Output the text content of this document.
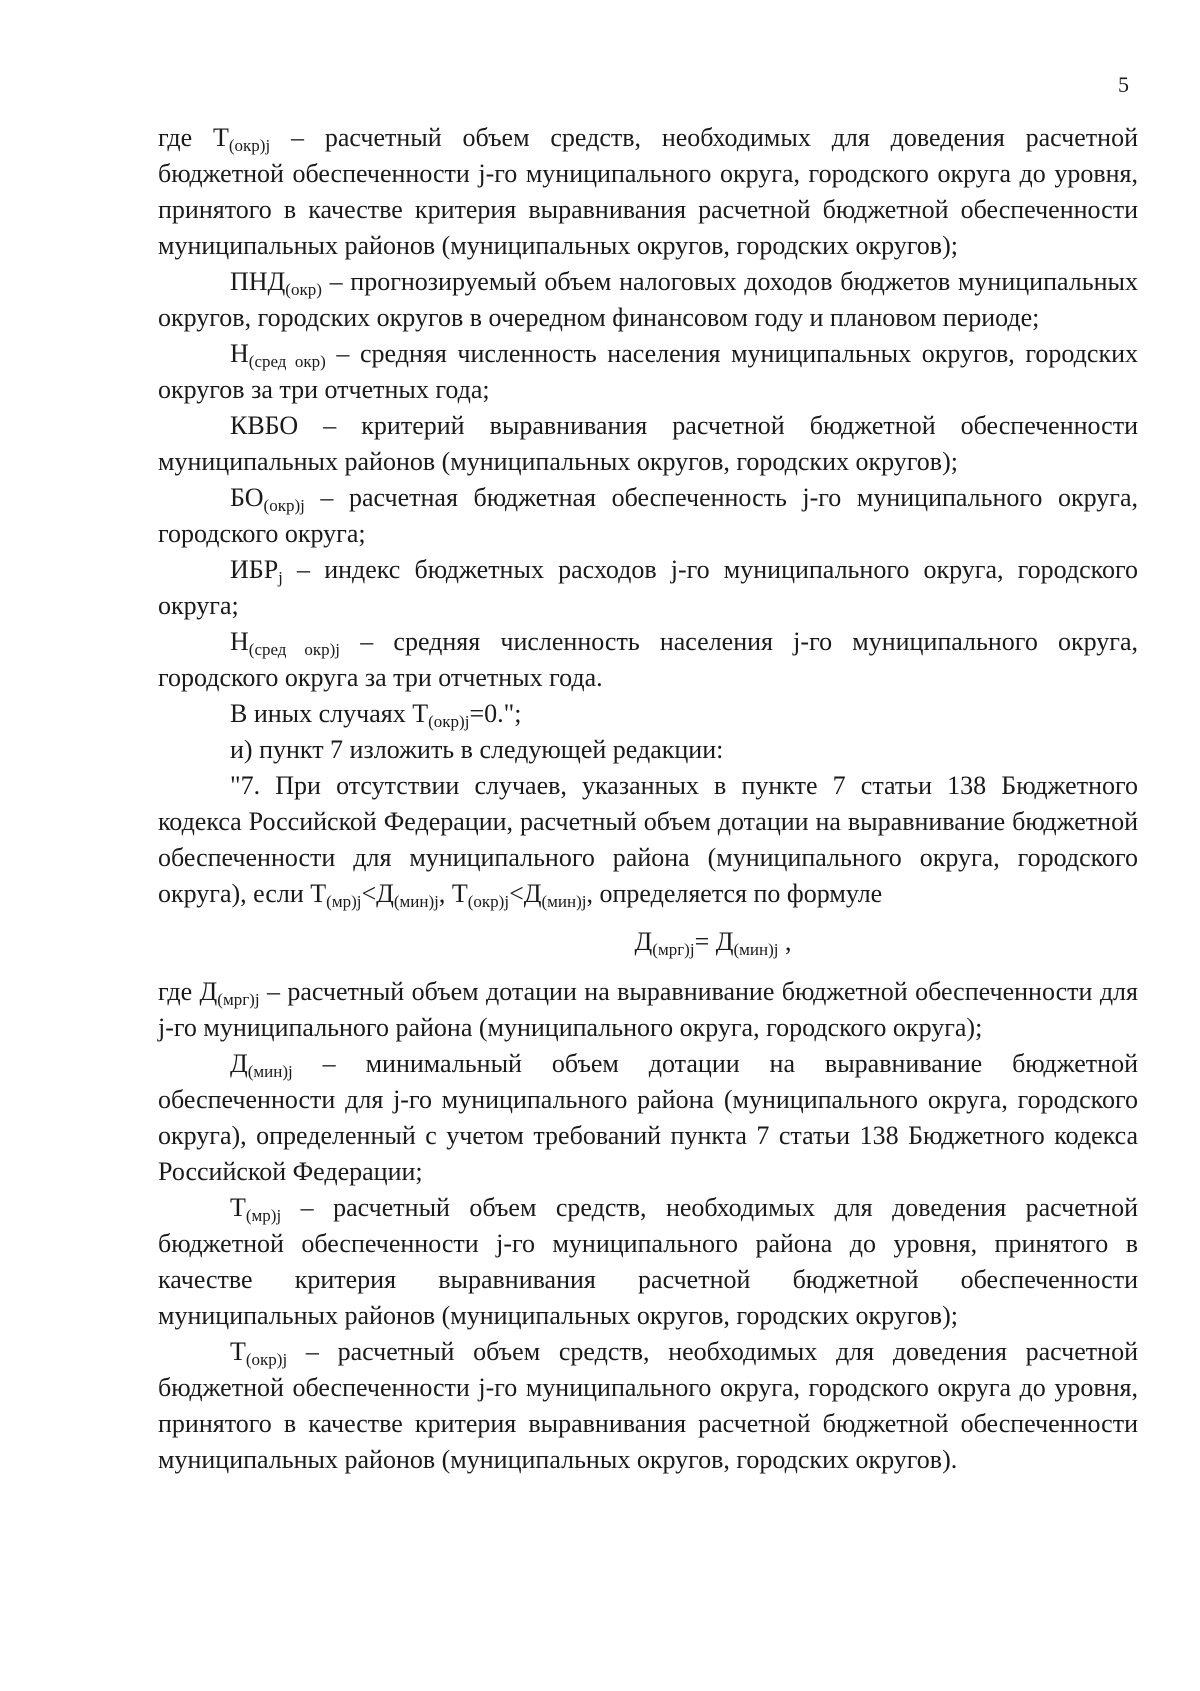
5

где $Т_{(окр)j}$ – расчетный объем средств, необходимых для доведения расчетной бюджетной обеспеченности j-го муниципального округа, городского округа до уровня, принятого в качестве критерия выравнивания расчетной бюджетной обеспеченности муниципальных районов (муниципальных округов, городских округов);

$ПНД_{(окр)}$ – прогнозируемый объем налоговых доходов бюджетов муниципальных округов, городских округов в очередном финансовом году и плановом периоде;

$Н_{(сред окр)}$ – средняя численность населения муниципальных округов, городских округов за три отчетных года;

КВБО – критерий выравнивания расчетной бюджетной обеспеченности муниципальных районов (муниципальных округов, городских округов);

$БО_{(окр)j}$ – расчетная бюджетная обеспеченность j-го муниципального округа, городского округа;

$ИБР_j$ – индекс бюджетных расходов j-го муниципального округа, городского округа;

$Н_{(сред окр)j}$ – средняя численность населения j-го муниципального округа, городского округа за три отчетных года.

В иных случаях $Т_{(окр)j}=0$.";

и) пункт 7 изложить в следующей редакции:

"7. При отсутствии случаев, указанных в пункте 7 статьи 138 Бюджетного кодекса Российской Федерации, расчетный объем дотации на выравнивание бюджетной обеспеченности для муниципального района (муниципального округа, городского округа), если $Т_{(мр)j}<Д_{(мин)j}$, $Т_{(окр)j}<Д_{(мин)j}$, определяется по формуле

$Д_{(мрг)j}= Д_{(мин)j}$ ,

где $Д_{(мрг)j}$ – расчетный объем дотации на выравнивание бюджетной обеспеченности для j-го муниципального района (муниципального округа, городского округа);

$Д_{(мин)j}$ – минимальный объем дотации на выравнивание бюджетной обеспеченности для j-го муниципального района (муниципального округа, городского округа), определенный с учетом требований пункта 7 статьи 138 Бюджетного кодекса Российской Федерации;

$Т_{(мр)j}$ – расчетный объем средств, необходимых для доведения расчетной бюджетной обеспеченности j-го муниципального района до уровня, принятого в качестве критерия выравнивания расчетной бюджетной обеспеченности муниципальных районов (муниципальных округов, городских округов);

$Т_{(окр)j}$ – расчетный объем средств, необходимых для доведения расчетной бюджетной обеспеченности j-го муниципального округа, городского округа до уровня, принятого в качестве критерия выравнивания расчетной бюджетной обеспеченности муниципальных районов (муниципальных округов, городских округов).
